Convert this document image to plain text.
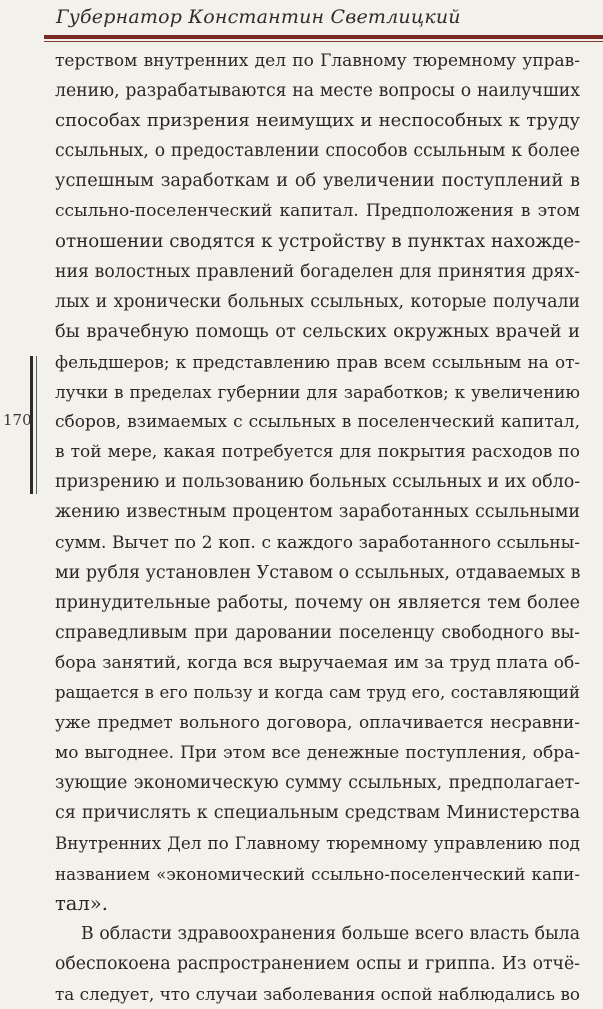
Губернатор Константин Светлицкий
170
терством внутренних дел по Главному тюремному управ-
лению, разрабатываются на месте вопросы о наилучших
способах призрения неимущих и неспособных к труду
ссыльных, о предоставлении способов ссыльным к более
успешным заработкам и об увеличении поступлений в
ссыльно-поселенческий капитал. Предположения в этом
отношении сводятся к устройству в пунктах нахожде-
ния волостных правлений богаделен для принятия дрях-
лых и хронически больных ссыльных, которые получали
бы врачебную помощь от сельских окружных врачей и
фельдшеров; к представлению прав всем ссыльным на от-
лучки в пределах губернии для заработков; к увеличению
сборов, взимаемых с ссыльных в поселенческий капитал,
в той мере, какая потребуется для покрытия расходов по
призрению и пользованию больных ссыльных и их обло-
жению известным процентом заработанных ссыльными
сумм. Вычет по 2 коп. с каждого заработанного ссыльны-
ми рубля установлен Уставом о ссыльных, отдаваемых в
принудительные работы, почему он является тем более
справедливым при даровании поселенцу свободного вы-
бора занятий, когда вся выручаемая им за труд плата об-
ращается в его пользу и когда сам труд его, составляющий
уже предмет вольного договора, оплачивается несравни-
мо выгоднее. При этом все денежные поступления, обра-
зующие экономическую сумму ссыльных, предполагает-
ся причислять к специальным средствам Министерства
Внутренних Дел по Главному тюремному управлению под
названием «экономический ссыльно-поселенческий капи-
тал».
В области здравоохранения больше всего власть была
обеспокоена распространением оспы и гриппа. Из отчё-
та следует, что случаи заболевания оспой наблюдались во
